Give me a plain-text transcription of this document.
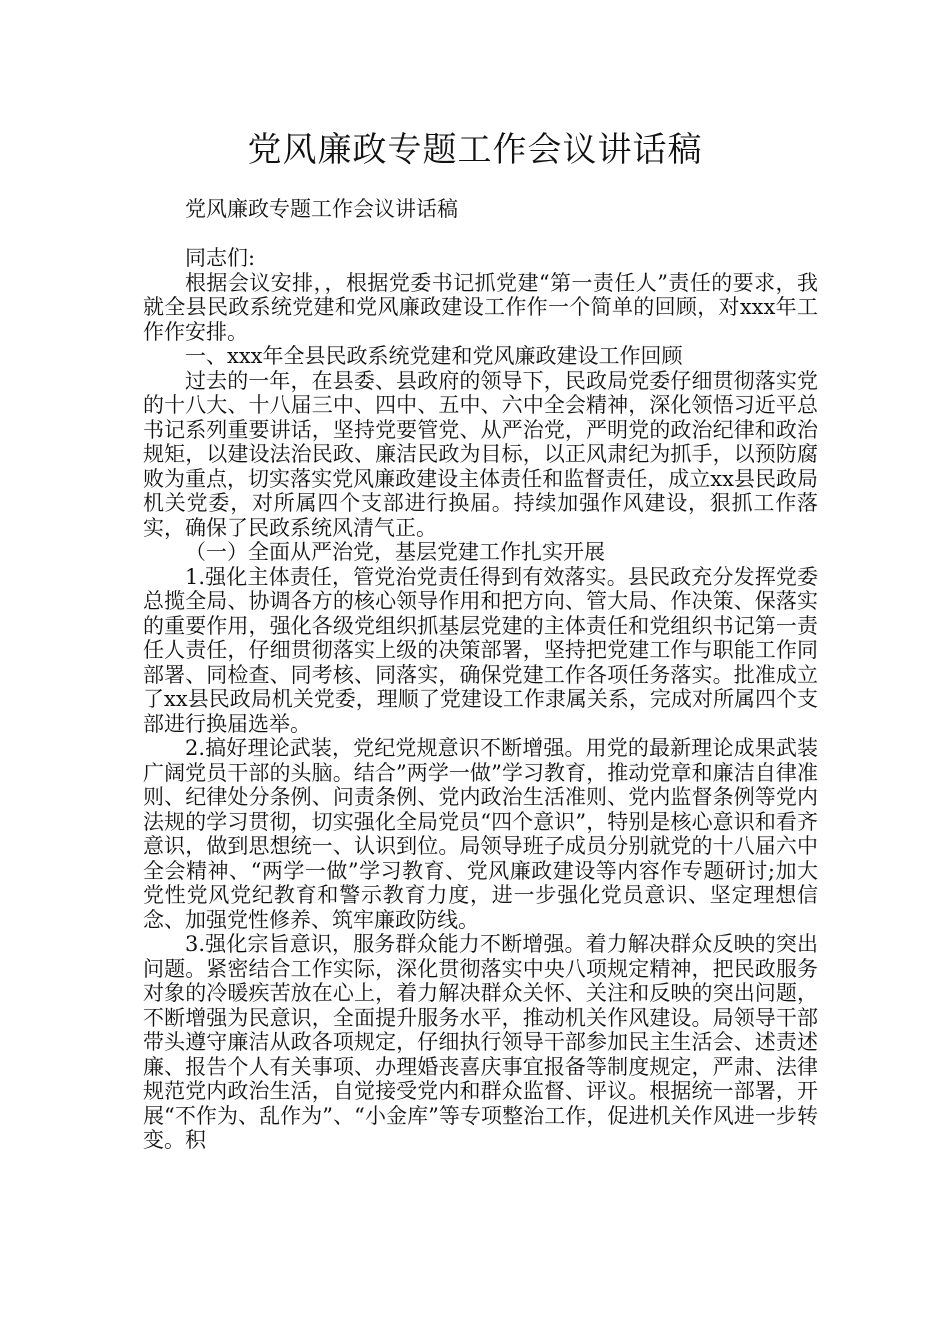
党风廉政专题工作会议讲话稿

党风廉政专题工作会议讲话稿

同志们:

根据会议安排，，根据党委书记抓党建“第一责任人”责任的要求，我就全县民政系统党建和党风廉政建设工作作一个简单的回顾，对xxx年工作作安排。

一、xxx年全县民政系统党建和党风廉政建设工作回顾

过去的一年，在县委、县政府的领导下，民政局党委仔细贯彻落实党的十八大、十八届三中、四中、五中、六中全会精神，深化领悟习近平总书记系列重要讲话，坚持党要管党、从严治党，严明党的政治纪律和政治规矩，以建设法治民政、廉洁民政为目标，以正风肃纪为抓手，以预防腐败为重点，切实落实党风廉政建设主体责任和监督责任，成立xx县民政局机关党委，对所属四个支部进行换届。持续加强作风建设，狠抓工作落实，确保了民政系统风清气正。

（一）全面从严治党，基层党建工作扎实开展

1.强化主体责任，管党治党责任得到有效落实。县民政充分发挥党委总揽全局、协调各方的核心领导作用和把方向、管大局、作决策、保落实的重要作用，强化各级党组织抓基层党建的主体责任和党组织书记第一责任人责任，仔细贯彻落实上级的决策部署，坚持把党建工作与职能工作同部署、同检查、同考核、同落实，确保党建工作各项任务落实。批准成立了xx县民政局机关党委，理顺了党建设工作隶属关系，完成对所属四个支部进行换届选举。

2.搞好理论武装，党纪党规意识不断增强。用党的最新理论成果武装广阔党员干部的头脑。结合”两学一做”学习教育，推动党章和廉洁自律准则、纪律处分条例、问责条例、党内政治生活准则、党内监督条例等党内法规的学习贯彻，切实强化全局党员“四个意识”，特别是核心意识和看齐意识，做到思想统一、认识到位。局领导班子成员分别就党的十八届六中全会精神、“两学一做”学习教育、党风廉政建设等内容作专题研讨;加大党性党风党纪教育和警示教育力度，进一步强化党员意识、坚定理想信念、加强党性修养、筑牢廉政防线。

3.强化宗旨意识，服务群众能力不断增强。着力解决群众反映的突出问题。紧密结合工作实际，深化贯彻落实中央八项规定精神，把民政服务对象的冷暖疾苦放在心上，着力解决群众关怀、关注和反映的突出问题，不断增强为民意识，全面提升服务水平，推动机关作风建设。局领导干部带头遵守廉洁从政各项规定，仔细执行领导干部参加民主生活会、述责述廉、报告个人有关事项、办理婚丧喜庆事宜报备等制度规定，严肃、法律规范党内政治生活，自觉接受党内和群众监督、评议。根据统一部署，开展“不作为、乱作为”、“小金库”等专项整治工作，促进机关作风进一步转变。积
